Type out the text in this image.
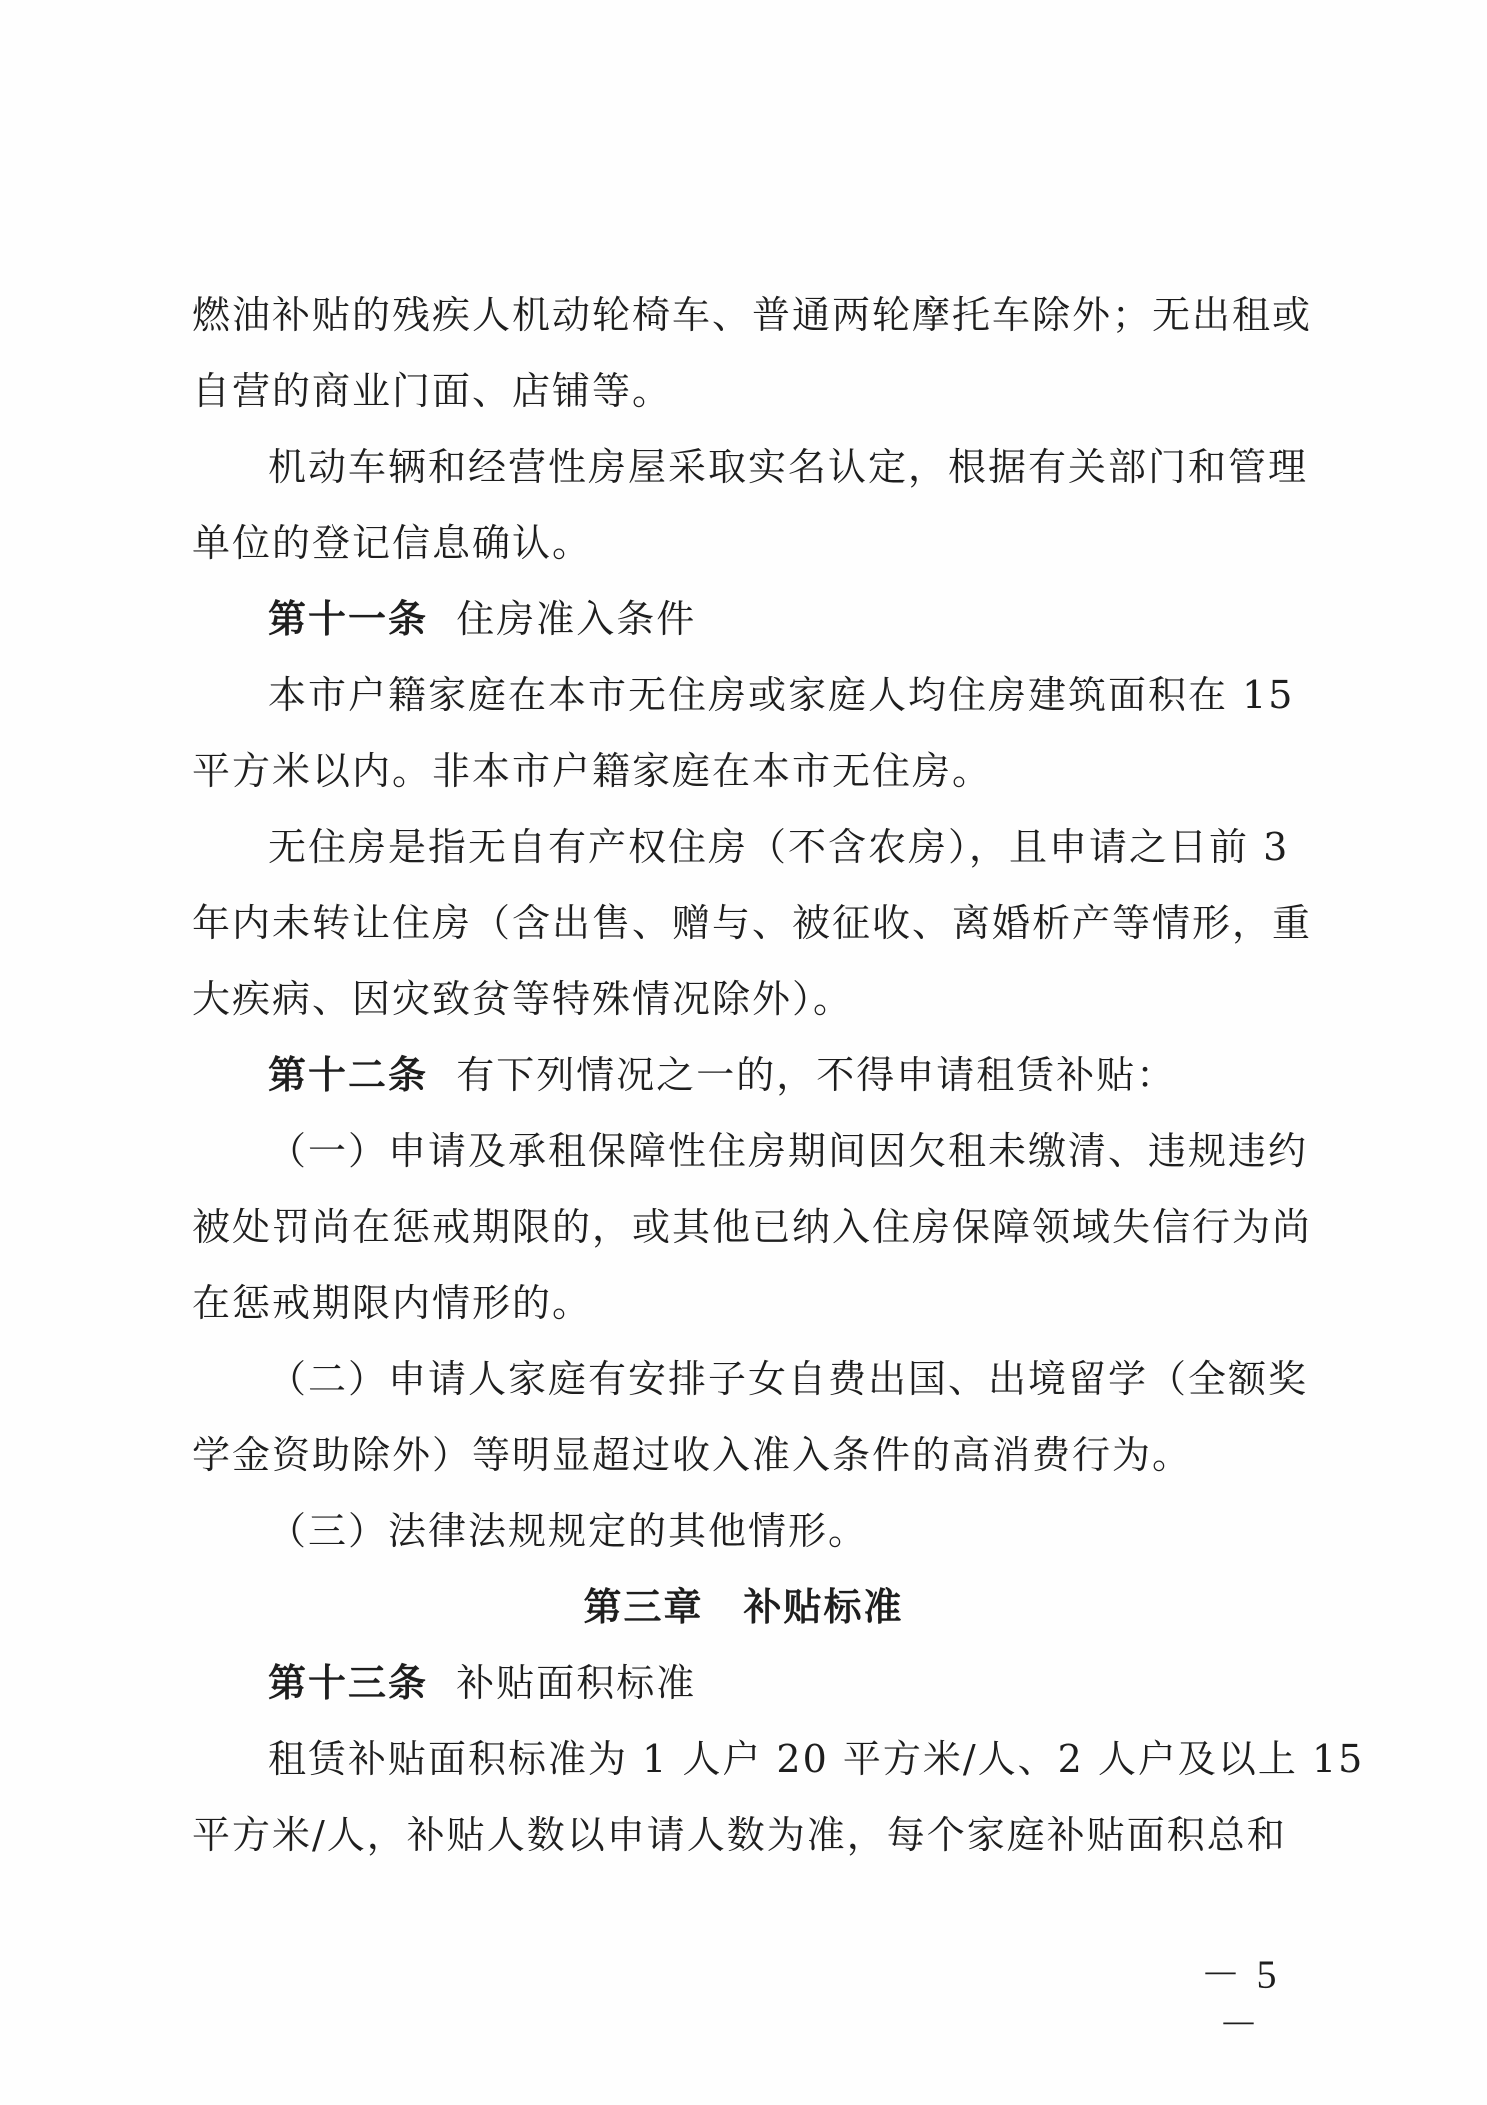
燃油补贴的残疾人机动轮椅车、普通两轮摩托车除外；无出租或
自营的商业门面、店铺等。
机动车辆和经营性房屋采取实名认定，根据有关部门和管理
单位的登记信息确认。
第十一条 住房准入条件
本市户籍家庭在本市无住房或家庭人均住房建筑面积在 15
平方米以内。非本市户籍家庭在本市无住房。
无住房是指无自有产权住房（不含农房），且申请之日前 3
年内未转让住房（含出售、赠与、被征收、离婚析产等情形，重
大疾病、因灾致贫等特殊情况除外）。
第十二条 有下列情况之一的，不得申请租赁补贴：
（一）申请及承租保障性住房期间因欠租未缴清、违规违约
被处罚尚在惩戒期限的，或其他已纳入住房保障领域失信行为尚
在惩戒期限内情形的。
（二）申请人家庭有安排子女自费出国、出境留学（全额奖
学金资助除外）等明显超过收入准入条件的高消费行为。
（三）法律法规规定的其他情形。
第三章　补贴标准
第十三条 补贴面积标准
租赁补贴面积标准为 1 人户 20 平方米/人、2 人户及以上 15
平方米/人，补贴人数以申请人数为准，每个家庭补贴面积总和
－ 5 －
